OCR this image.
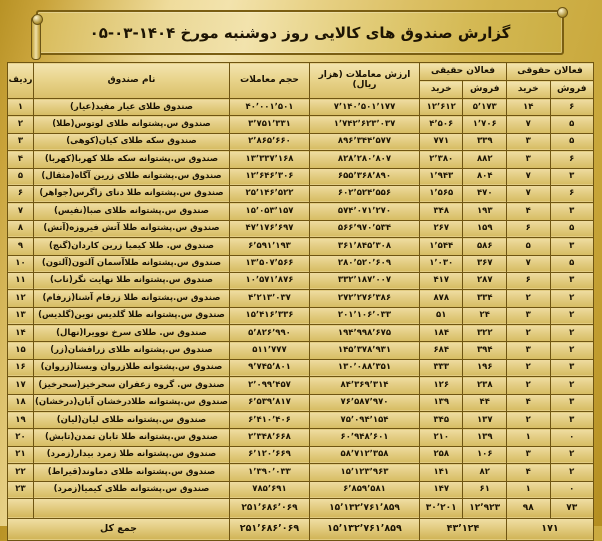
گزارش صندوق های کالایی روز دوشنبه مورخ ۱۴۰۴-۰۳-۰۵
فعالان حقوقی		فعالان حقیقی		ارزش معاملات (هزار ریال)	حجم معاملات	نام صندوق	ردیف
فروش	خرید	فروش	خرید				
۶	۱۴	۵٬۱۷۳	۱۲٬۶۱۲	۷٬۱۴۰٬۵۰۱٬۱۷۷	۴۰٬۰۰۱٬۵۰۱	صندوق طلای عیار مفید(عیار)	۱
۵	۷	۱٬۷۰۶	۴٬۵۰۶	۱٬۷۴۲٬۶۲۳٬۰۳۷	۳٬۷۵۱٬۳۳۱	صندوق س.پشتوانه طلای لوتوس(طلا)	۲
۵	۳	۳۳۹	۷۷۱	۸۹۶٬۳۴۴٬۵۷۷	۲٬۸۶۵٬۶۶۰	صندوق سکه طلای کیان(کوهی)	۳
۶	۳	۸۸۲	۲٬۳۸۰	۸۲۸٬۲۸۰٬۸۰۷	۱۳٬۳۳۷٬۱۶۸	صندوق س.پشتوانه سکه طلا کهربا(کهربا)	۴
۳	۷	۸۰۴	۱٬۹۴۳	۶۵۵٬۳۶۸٬۸۹۰	۱۲٬۶۴۶٬۳۰۶	صندوق س.پشتوانه طلای زرین آگاه(مثقال)	۵
۶	۷	۴۷۰	۱٬۵۶۵	۶۰۲٬۵۲۴٬۵۵۶	۲۵٬۱۴۶٬۵۲۲	صندوق س.پشتوانه طلا دنای زاگرس(جواهر)	۶
۳	۴	۱۹۳	۳۴۸	۵۷۴٬۰۷۱٬۲۷۰	۱۵٬۰۵۳٬۱۵۷	صندوق س.پشتوانه طلای صبا(نفیس)	۷
۵	۶	۱۵۹	۲۶۷	۵۶۶٬۹۷۰٬۵۳۴	۴۷٬۱۷۶٬۶۹۷	صندوق س.پشتوانه طلا آتش فیروزه(آتش)	۸
۳	۵	۵۸۶	۱٬۵۴۴	۳۶۱٬۸۴۵٬۳۰۸	۶٬۵۹۱٬۱۹۳	صندوق س. طلا کیمیا زرین کاردان(گنج)	۹
۵	۷	۳۶۷	۱٬۰۳۰	۲۸۰٬۵۲۰٬۶۰۹	۱۳٬۵۰۷٬۵۶۶	صندوق س.پشتوانه طلاآسمان آلتون(آلتون)	۱۰
۳	۶	۲۸۷	۴۱۷	۳۳۲٬۱۸۷٬۰۰۷	۱۰٬۵۷۱٬۸۷۶	صندوق س.پشتوانه طلا نهایت نگر(ناب)	۱۱
۲	۲	۳۳۴	۸۷۸	۲۷۲٬۲۷۶٬۳۸۶	۴٬۲۱۳٬۰۳۷	صندوق س.پشتوانه طلا زرفام آشنا(زرفام)	۱۲
۲	۳	۲۴	۵۱	۲۰۱٬۱۰۶٬۰۳۳	۱۵٬۴۱۶٬۳۳۶	صندوق س.پشتوانه طلا گلدیس نوین(گلدیس)	۱۳
۲	۲	۳۲۲	۱۸۴	۱۹۴٬۹۹۸٬۶۷۵	۵٬۸۲۶٬۹۹۰	صندوق س. طلای سرخ نوویرا(نهال)	۱۴
۲	۳	۳۹۴	۶۸۴	۱۴۵٬۳۷۸٬۹۳۱	۵۱۱٬۷۷۷	صندوق س.پشتوانه طلای زرافشان(زر)	۱۵
۳	۲	۱۹۶	۳۳۳	۱۳۰٬۰۸۸٬۳۵۱	۹٬۷۴۵٬۸۰۱	صندوق س.پشتوانه طلازروان وبستا(زروان)	۱۶
۲	۲	۲۳۸	۱۲۶	۸۴٬۳۶۹٬۳۱۴	۲٬۰۹۹٬۴۵۷	صندوق س. گروه زعفران سحرخیز(سحرخیز)	۱۷
۳	۴	۴۴	۱۳۹	۷۶٬۵۸۷٬۹۷۰	۶٬۵۳۹٬۸۱۷	صندوق س.پشتوانه طلادرخشان آبان(درخشان)	۱۸
۳	۲	۱۳۷	۳۴۵	۷۵٬۰۹۴٬۱۵۴	۶٬۴۱۰٬۴۰۶	صندوق س.پشتوانه طلای لیان(لیان)	۱۹
۰	۱	۱۳۹	۲۱۰	۶۰٬۹۴۸٬۶۰۱	۲٬۳۴۸٬۶۶۸	صندوق س.پشتوانه طلا تابان تمدن(تابش)	۲۰
۲	۳	۱۰۶	۲۵۸	۵۸٬۷۱۲٬۳۵۸	۶٬۱۲۰٬۶۶۹	صندوق س.پشتوانه طلا زمرد بیدار(زمرد)	۲۱
۲	۴	۸۲	۱۴۱	۱۵٬۱۲۳٬۹۶۳	۱٬۳۹۰٬۰۳۳	صندوق س.پشتوانه طلای دماوند(قیراط)	۲۲
۰	۱	۶۱	۱۴۷	۶٬۸۵۹٬۵۸۱	۷۸۵٬۶۹۱	صندوق س.پشتوانه طلای کیمیا(زمرد)	۲۳
۷۳	۹۸	۱۲٬۹۲۳	۳۰٬۲۰۱	۱۵٬۱۳۲٬۷۶۱٬۸۵۹	۲۵۱٬۶۸۶٬۰۶۹		
۱۷۱		۴۳٬۱۲۴		۱۵٬۱۳۲٬۷۶۱٬۸۵۹	۲۵۱٬۶۸۶٬۰۶۹	جمع کل	
